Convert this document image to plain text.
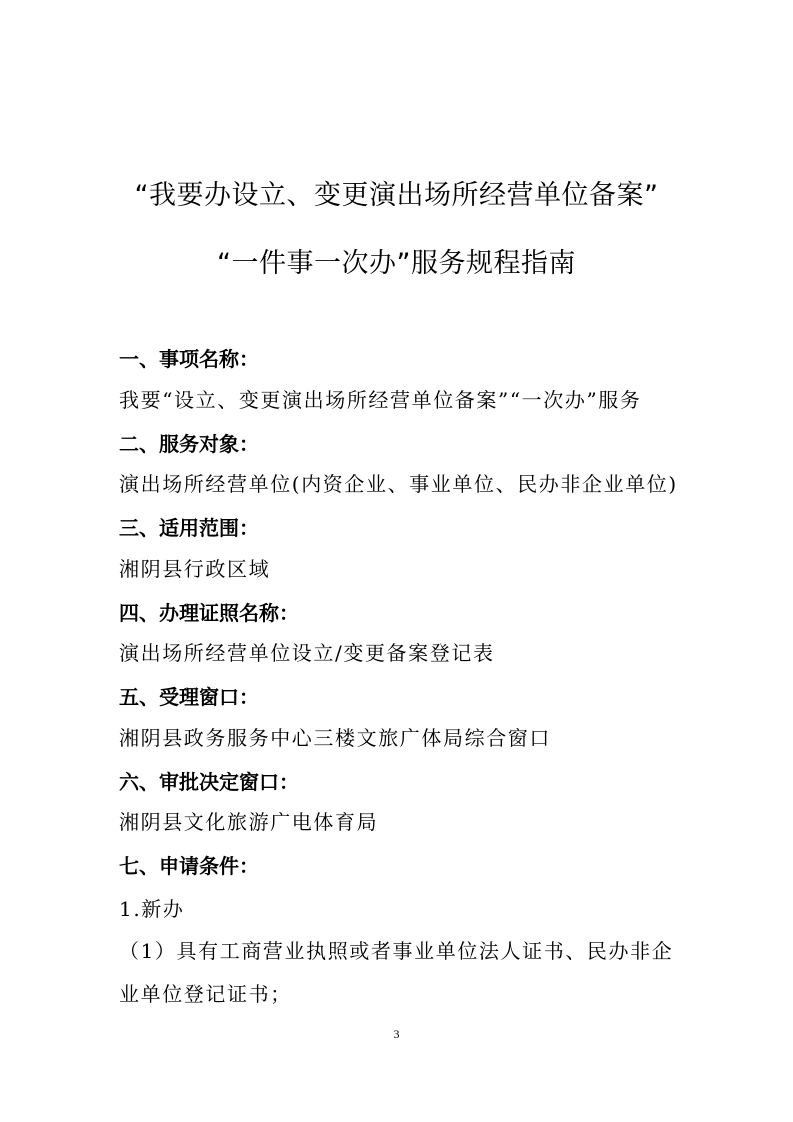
“我要办设立、变更演出场所经营单位备案”
“一件事一次办”服务规程指南
一、事项名称：
我要“设立、变更演出场所经营单位备案”“一次办”服务
二、服务对象：
演出场所经营单位(内资企业、事业单位、民办非企业单位)
三、适用范围：
湘阴县行政区域
四、办理证照名称：
演出场所经营单位设立/变更备案登记表
五、受理窗口：
湘阴县政务服务中心三楼文旅广体局综合窗口
六、审批决定窗口：
湘阴县文化旅游广电体育局
七、申请条件：
1.新办
（1）具有工商营业执照或者事业单位法人证书、民办非企
业单位登记证书；
3
